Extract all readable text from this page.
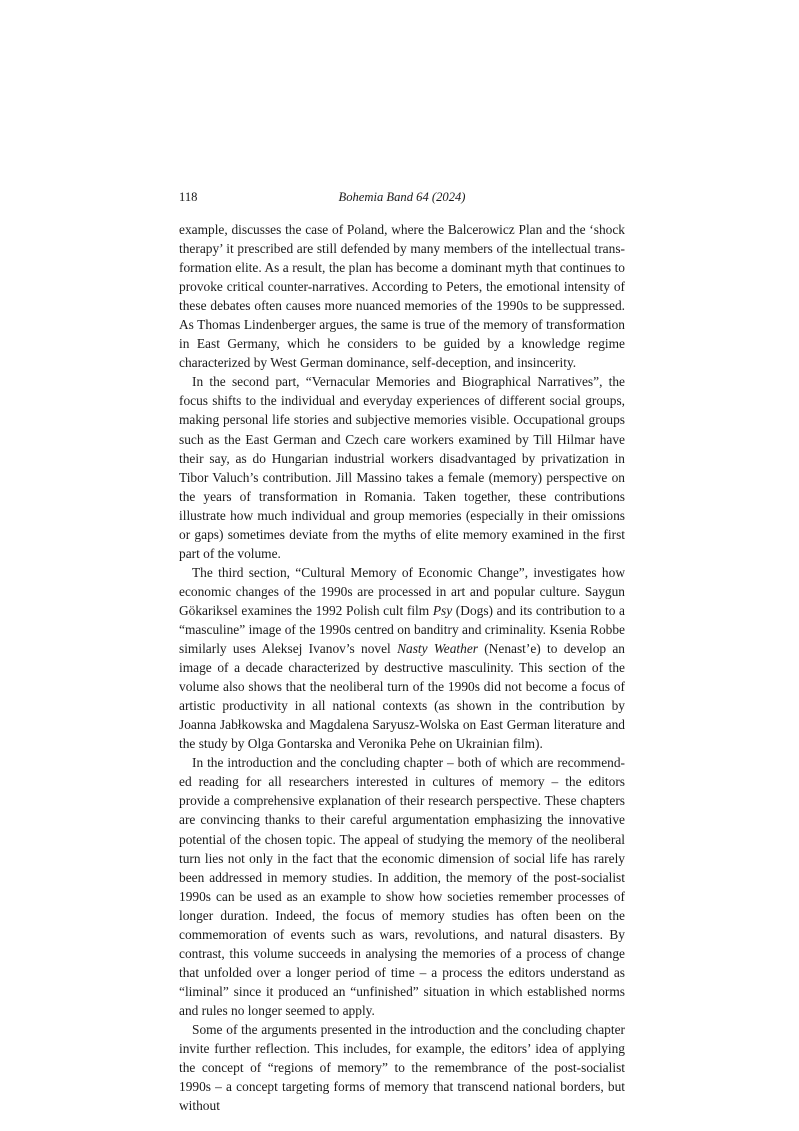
118	Bohemia Band 64 (2024)

example, discusses the case of Poland, where the Balcerowicz Plan and the ‘shock therapy’ it prescribed are still defended by many members of the intellectual transformation elite. As a result, the plan has become a dominant myth that continues to provoke critical counter-narratives. According to Peters, the emotional intensity of these debates often causes more nuanced memories of the 1990s to be suppressed. As Thomas Lindenberger argues, the same is true of the memory of transformation in East Germany, which he considers to be guided by a knowledge regime characterized by West German dominance, self-deception, and insincerity.

In the second part, “Vernacular Memories and Biographical Narratives”, the focus shifts to the individual and everyday experiences of different social groups, making personal life stories and subjective memories visible. Occupational groups such as the East German and Czech care workers examined by Till Hilmar have their say, as do Hungarian industrial workers disadvantaged by privatization in Tibor Valuch’s contribution. Jill Massino takes a female (memory) perspective on the years of transformation in Romania. Taken together, these contributions illustrate how much individual and group memories (especially in their omissions or gaps) sometimes deviate from the myths of elite memory examined in the first part of the volume.

The third section, “Cultural Memory of Economic Change”, investigates how economic changes of the 1990s are processed in art and popular culture. Saygun Gökariksel examines the 1992 Polish cult film Psy (Dogs) and its contribution to a “masculine” image of the 1990s centred on banditry and criminality. Ksenia Robbe similarly uses Aleksej Ivanov’s novel Nasty Weather (Nenast’e) to develop an image of a decade characterized by destructive masculinity. This section of the volume also shows that the neoliberal turn of the 1990s did not become a focus of artistic productivity in all national contexts (as shown in the contribution by Joanna Jabłkowska and Magdalena Saryusz-Wolska on East German literature and the study by Olga Gontarska and Veronika Pehe on Ukrainian film).

In the introduction and the concluding chapter – both of which are recommended reading for all researchers interested in cultures of memory – the editors provide a comprehensive explanation of their research perspective. These chapters are convincing thanks to their careful argumentation emphasizing the innovative potential of the chosen topic. The appeal of studying the memory of the neoliberal turn lies not only in the fact that the economic dimension of social life has rarely been addressed in memory studies. In addition, the memory of the post-socialist 1990s can be used as an example to show how societies remember processes of longer duration. Indeed, the focus of memory studies has often been on the commemoration of events such as wars, revolutions, and natural disasters. By contrast, this volume succeeds in analysing the memories of a process of change that unfolded over a longer period of time – a process the editors understand as “liminal” since it produced an “unfinished” situation in which established norms and rules no longer seemed to apply.

Some of the arguments presented in the introduction and the concluding chapter invite further reflection. This includes, for example, the editors’ idea of applying the concept of “regions of memory” to the remembrance of the post-socialist 1990s – a concept targeting forms of memory that transcend national borders, but without
